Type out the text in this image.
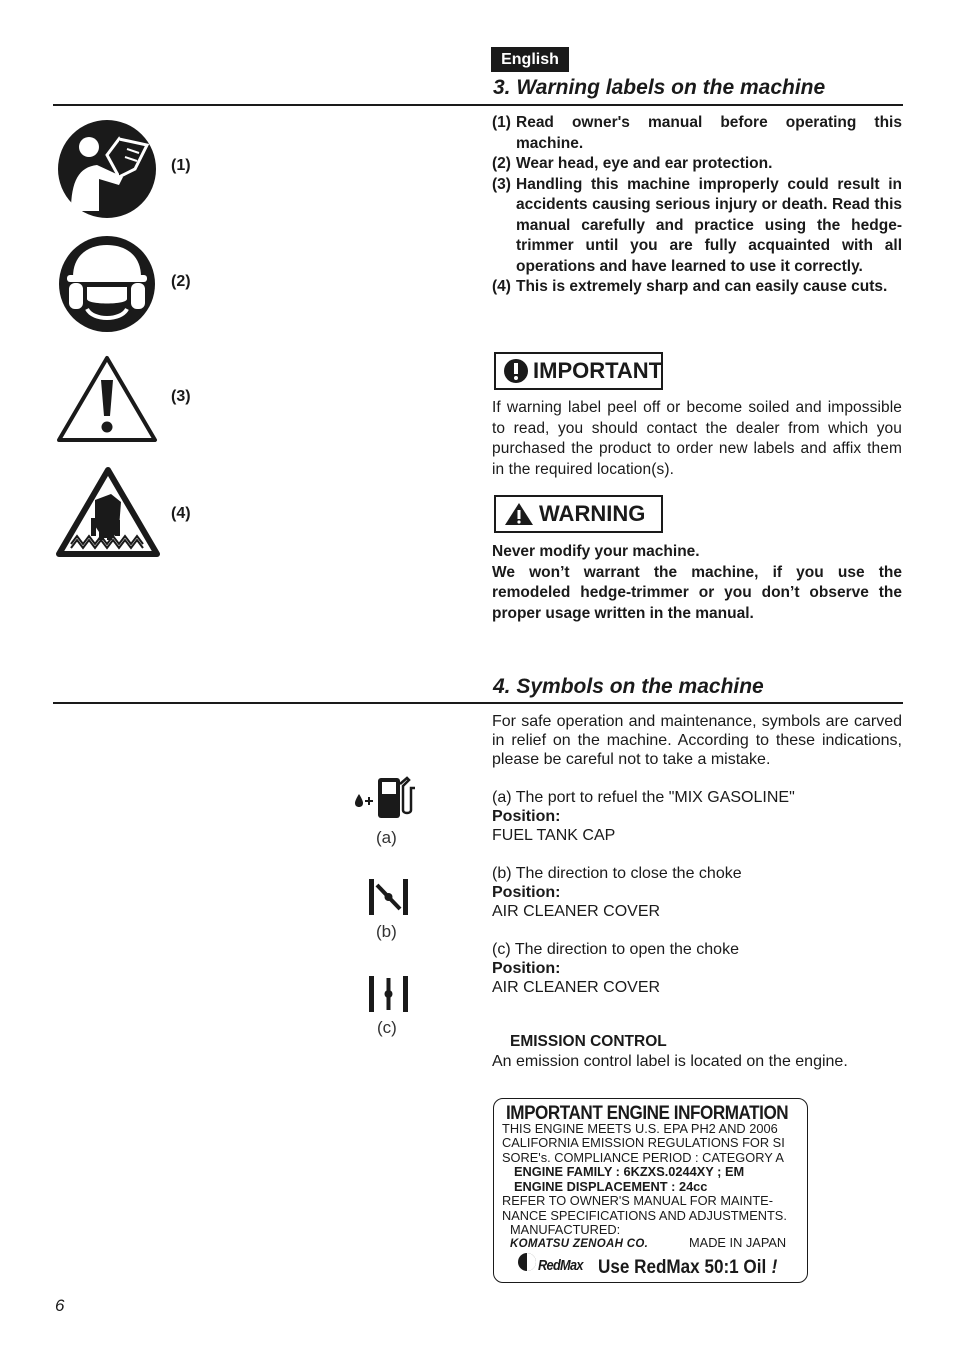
English
3. Warning labels on the machine
(1)
(2)
(3)
(4)
(1) Read owner's manual before operating this machine.
(2) Wear head, eye and ear protection.
(3) Handling this machine improperly could result in accidents causing serious injury or death. Read this manual carefully and practice using the hedge-trimmer until you are fully acquainted with all operations and have learned to use it correctly.
(4) This is extremely sharp and can easily cause cuts.
IMPORTANT
If warning label peel off or become soiled and impossible to read, you should contact the dealer from which you purchased the product to order new labels and affix them in the required location(s).
WARNING
Never modify your machine.
We won’t warrant the machine, if you use the remodeled hedge-trimmer or you don’t observe the proper usage written in the manual.
4. Symbols on the machine
For safe operation and maintenance, symbols are carved in relief on the machine. According to these indications, please be careful not to take a mistake.
(a)
(b)
(c)
(a) The port to refuel the "MIX GASOLINE"
Position:
FUEL TANK CAP
(b) The direction to close the choke
Position:
AIR CLEANER COVER
(c) The direction to open the choke
Position:
AIR CLEANER COVER
EMISSION CONTROL
An emission control label is located on the engine.
IMPORTANT ENGINE INFORMATION
THIS ENGINE MEETS U.S. EPA PH2 AND 2006
CALIFORNIA EMISSION REGULATIONS FOR SI
SORE's. COMPLIANCE PERIOD : CATEGORY A
ENGINE FAMILY : 6KZXS.0244XY ; EM
ENGINE DISPLACEMENT : 24cc
REFER TO OWNER'S MANUAL FOR MAINTE-
NANCE SPECIFICATIONS AND ADJUSTMENTS.
MANUFACTURED:
KOMATSU ZENOAH CO.	MADE IN JAPAN
RedMax Use RedMax 50:1 Oil !
6
